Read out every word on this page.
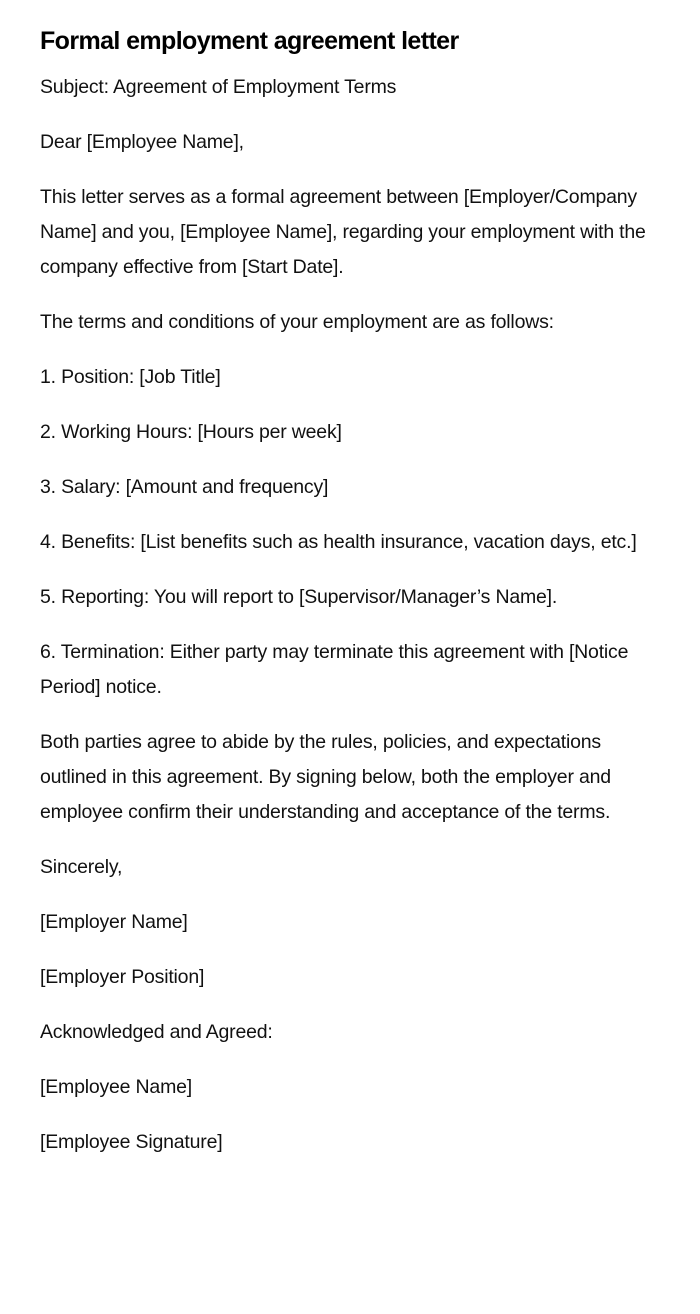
Formal employment agreement letter

Subject: Agreement of Employment Terms

Dear [Employee Name],

This letter serves as a formal agreement between [Employer/Company Name] and you, [Employee Name], regarding your employment with the company effective from [Start Date].

The terms and conditions of your employment are as follows:

1. Position: [Job Title]

2. Working Hours: [Hours per week]

3. Salary: [Amount and frequency]

4. Benefits: [List benefits such as health insurance, vacation days, etc.]

5. Reporting: You will report to [Supervisor/Manager’s Name].

6. Termination: Either party may terminate this agreement with [Notice Period] notice.

Both parties agree to abide by the rules, policies, and expectations outlined in this agreement. By signing below, both the employer and employee confirm their understanding and acceptance of the terms.

Sincerely,

[Employer Name]

[Employer Position]

Acknowledged and Agreed:

[Employee Name]

[Employee Signature]
